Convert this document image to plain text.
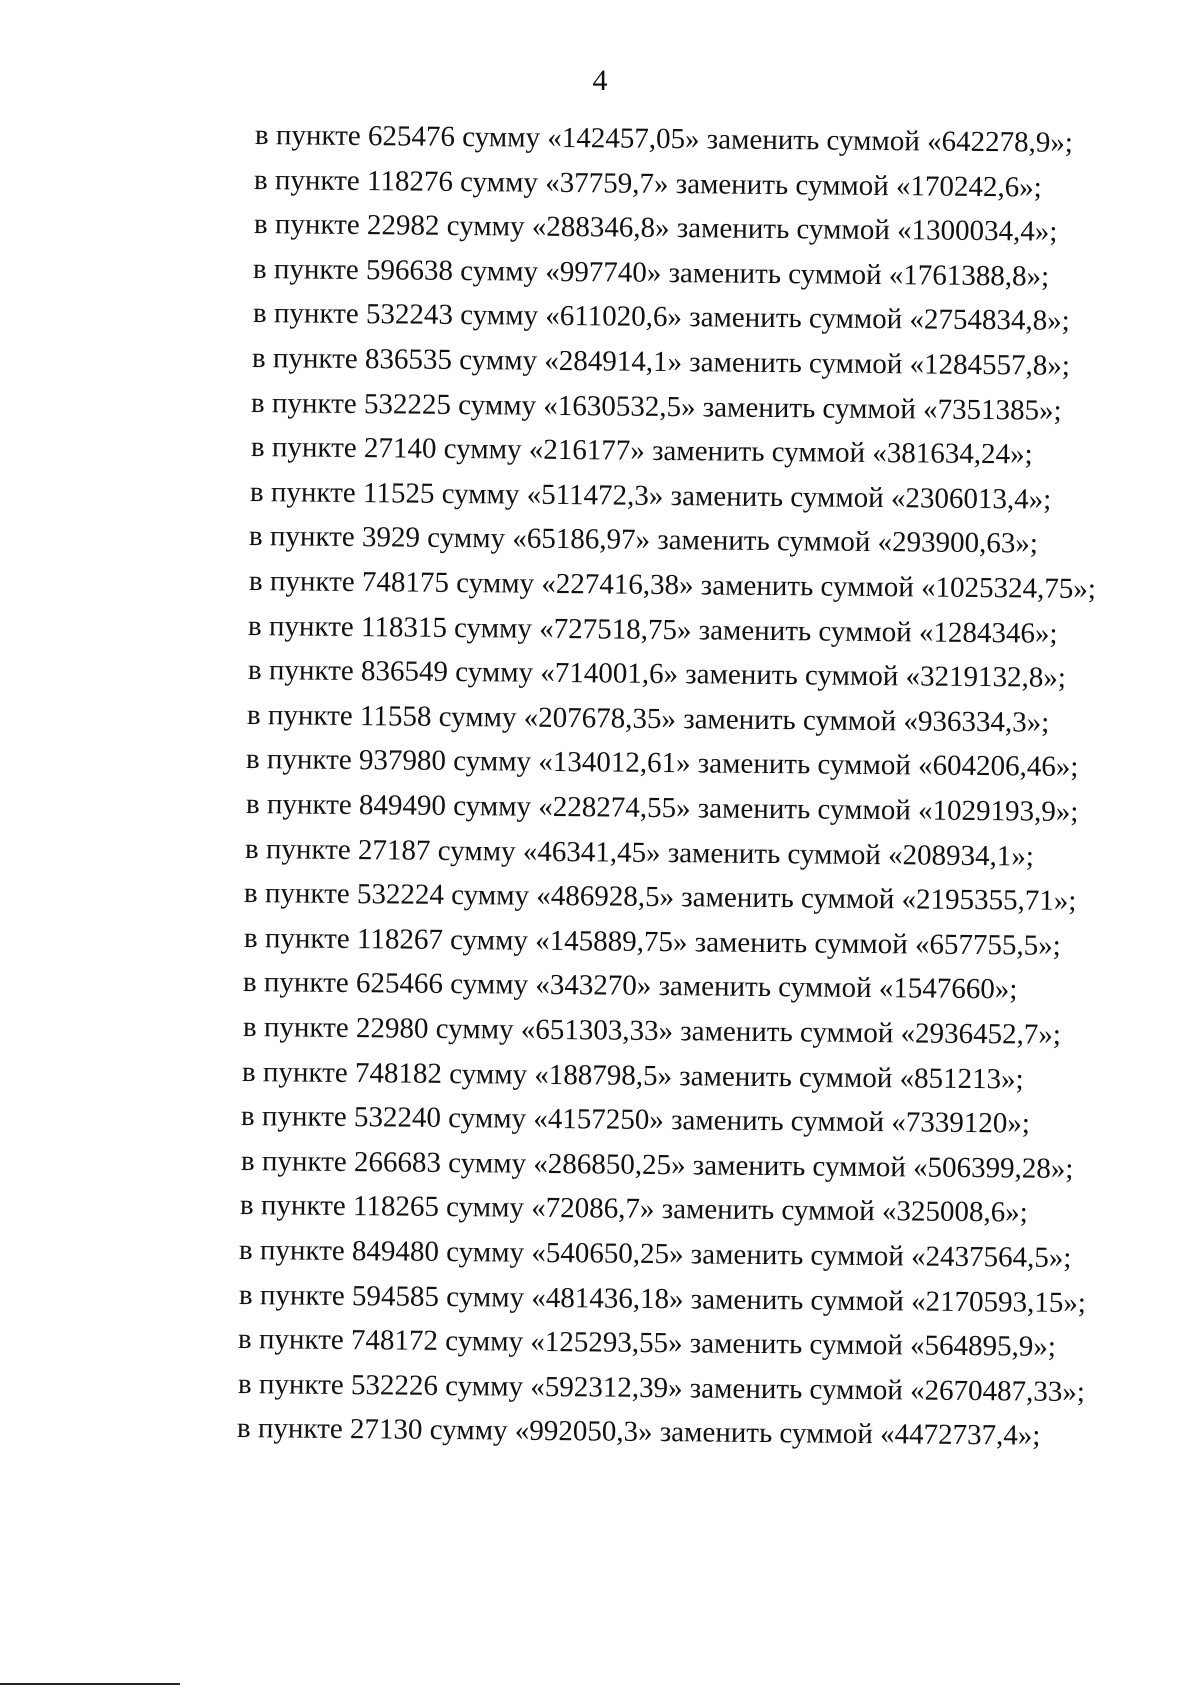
4
в пункте 625476 сумму «142457,05» заменить суммой «642278,9»;
в пункте 118276 сумму «37759,7» заменить суммой «170242,6»;
в пункте 22982 сумму «288346,8» заменить суммой «1300034,4»;
в пункте 596638 сумму «997740» заменить суммой «1761388,8»;
в пункте 532243 сумму «611020,6» заменить суммой «2754834,8»;
в пункте 836535 сумму «284914,1» заменить суммой «1284557,8»;
в пункте 532225 сумму «1630532,5» заменить суммой «7351385»;
в пункте 27140 сумму «216177» заменить суммой «381634,24»;
в пункте 11525 сумму «511472,3» заменить суммой «2306013,4»;
в пункте 3929 сумму «65186,97» заменить суммой «293900,63»;
в пункте 748175 сумму «227416,38» заменить суммой «1025324,75»;
в пункте 118315 сумму «727518,75» заменить суммой «1284346»;
в пункте 836549 сумму «714001,6» заменить суммой «3219132,8»;
в пункте 11558 сумму «207678,35» заменить суммой «936334,3»;
в пункте 937980 сумму «134012,61» заменить суммой «604206,46»;
в пункте 849490 сумму «228274,55» заменить суммой «1029193,9»;
в пункте 27187 сумму «46341,45» заменить суммой «208934,1»;
в пункте 532224 сумму «486928,5» заменить суммой «2195355,71»;
в пункте 118267 сумму «145889,75» заменить суммой «657755,5»;
в пункте 625466 сумму «343270» заменить суммой «1547660»;
в пункте 22980 сумму «651303,33» заменить суммой «2936452,7»;
в пункте 748182 сумму «188798,5» заменить суммой «851213»;
в пункте 532240 сумму «4157250» заменить суммой «7339120»;
в пункте 266683 сумму «286850,25» заменить суммой «506399,28»;
в пункте 118265 сумму «72086,7» заменить суммой «325008,6»;
в пункте 849480 сумму «540650,25» заменить суммой «2437564,5»;
в пункте 594585 сумму «481436,18» заменить суммой «2170593,15»;
в пункте 748172 сумму «125293,55» заменить суммой «564895,9»;
в пункте 532226 сумму «592312,39» заменить суммой «2670487,33»;
в пункте 27130 сумму «992050,3» заменить суммой «4472737,4»;
